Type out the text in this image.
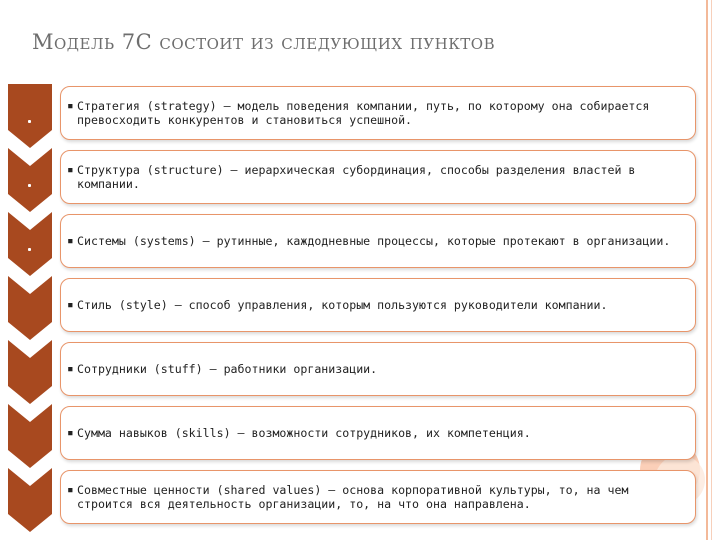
Модель 7С состоит из следующих пунктов
▪ Стратегия (strategy) – модель поведения компании, путь, по которому она собирается превосходить конкурентов и становиться успешной.
▪ Структура (structure) – иерархическая субординация, способы разделения властей в компании.
▪ Системы (systems) – рутинные, каждодневные процессы, которые протекают в организации.
▪ Стиль (style) – способ управления, которым пользуются руководители компании.
▪ Сотрудники (stuff) – работники организации.
▪ Сумма навыков (skills) – возможности сотрудников, их компетенция.
▪ Совместные ценности (shared values) – основа корпоративной культуры, то, на чем строится вся деятельность организации, то, на что она направлена.
